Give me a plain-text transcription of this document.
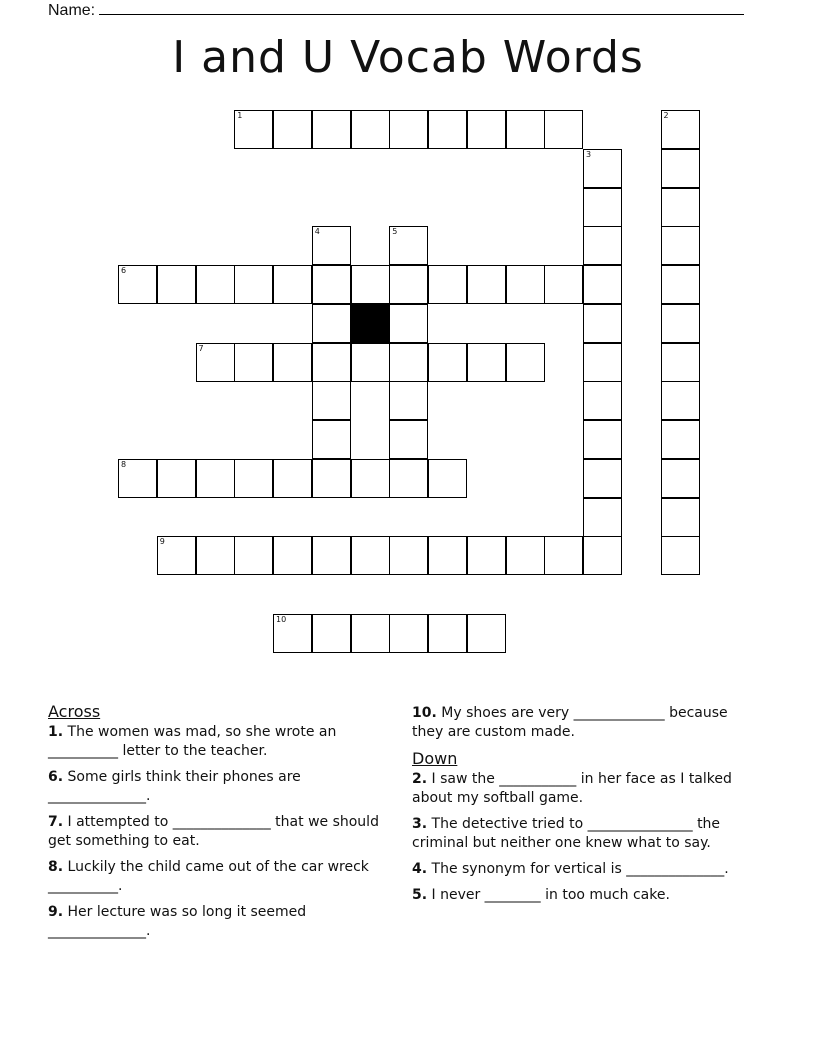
Name:
I and U Vocab Words
1	2
3
4	5
6
7
8
9
10
Across
1. The women was mad, so she wrote an __________ letter to the teacher.
6. Some girls think their phones are ______________.
7. I attempted to ______________ that we should get something to eat.
8. Luckily the child came out of the car wreck __________.
9. Her lecture was so long it seemed ______________.
10. My shoes are very _____________ because they are custom made.
Down
2. I saw the ___________ in her face as I talked about my softball game.
3. The detective tried to _______________ the criminal but neither one knew what to say.
4. The synonym for vertical is ______________.
5. I never ________ in too much cake.
